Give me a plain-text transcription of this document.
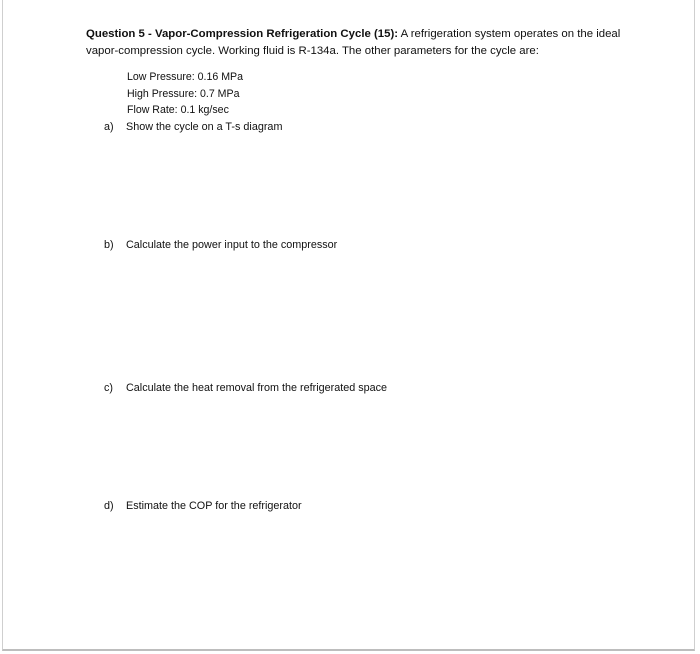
Question 5 - Vapor-Compression Refrigeration Cycle (15): A refrigeration system operates on the ideal vapor-compression cycle. Working fluid is R-134a. The other parameters for the cycle are:
Low Pressure: 0.16 MPa
High Pressure: 0.7 MPa
Flow Rate: 0.1 kg/sec
a) Show the cycle on a T-s diagram
b) Calculate the power input to the compressor
c) Calculate the heat removal from the refrigerated space
d) Estimate the COP for the refrigerator
